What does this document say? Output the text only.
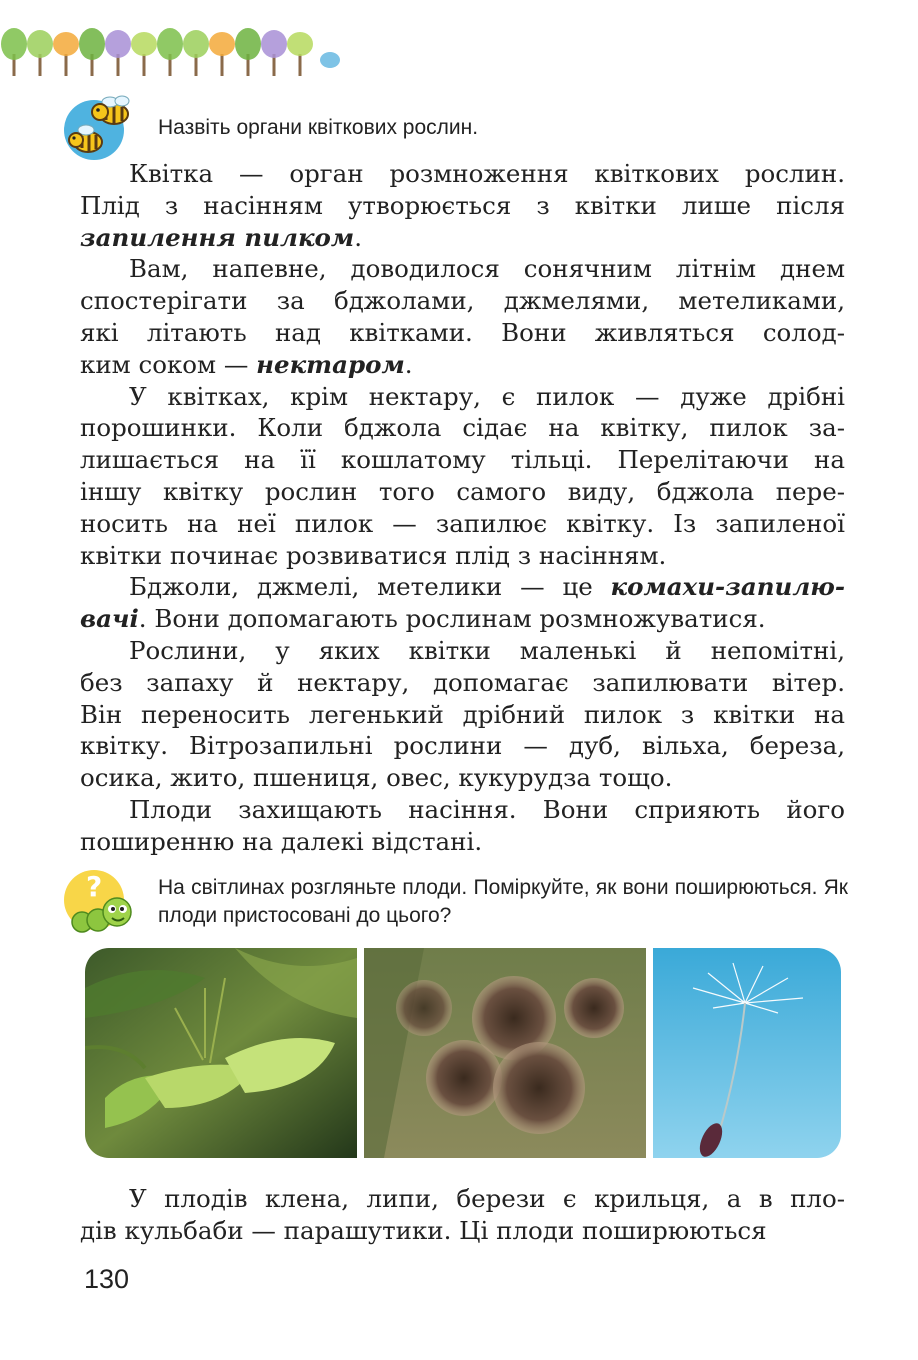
Назвіть органи квіткових рослин.

Квітка — орган розмноження квіткових рослин.
Плід з насінням утворюється з квітки лише після
запилення пилком.

Вам, напевне, доводилося сонячним літнім днем
спостерігати за бджолами, джмелями, метеликами,
які літають над квітками. Вони живляться солод-
ким соком — нектаром.

У квітках, крім нектару, є пилок — дуже дрібні
порошинки. Коли бджола сідає на квітку, пилок за-
лишається на її кошлатому тільці. Перелітаючи на
іншу квітку рослин того самого виду, бджола пере-
носить на неї пилок — запилює квітку. Із запиленої
квітки починає розвиватися плід з насінням.

Бджоли, джмелі, метелики — це комахи-запилю-
вачі. Вони допомагають рослинам розмножуватися.

Рослини, у яких квітки маленькі й непомітні,
без запаху й нектару, допомагає запилювати вітер.
Він переносить легенький дрібний пилок з квітки на
квітку. Вітрозапильні рослини — дуб, вільха, береза,
осика, жито, пшениця, овес, кукурудза тощо.

Плоди захищають насіння. Вони сприяють його
поширенню на далекі відстані.

?	На світлинах розгляньте плоди. Поміркуйте, як вони поширюються. Як плоди пристосовані до цього?

У плодів клена, липи, берези є крильця, а в пло-
дів кульбаби — парашутики. Ці плоди поширюються

130
